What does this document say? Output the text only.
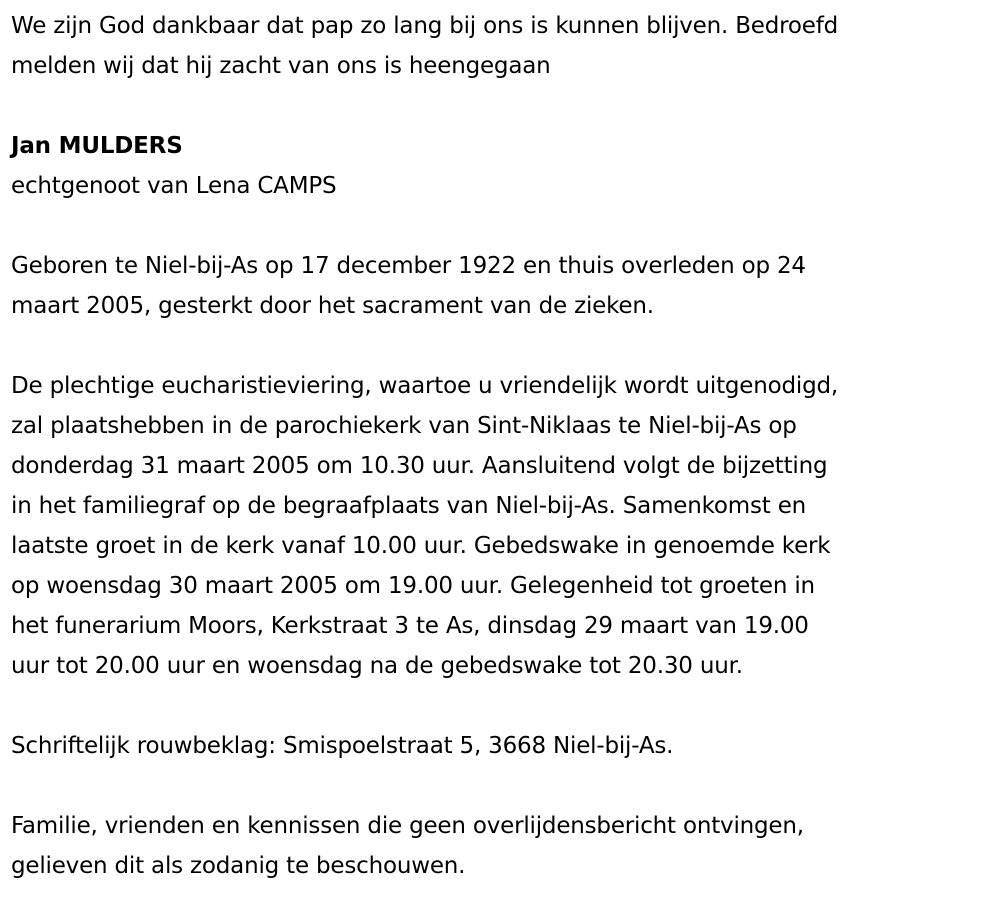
We zijn God dankbaar dat pap zo lang bij ons is kunnen blijven. Bedroefd
melden wij dat hij zacht van ons is heengegaan

Jan MULDERS
echtgenoot van Lena CAMPS

Geboren te Niel-bij-As op 17 december 1922 en thuis overleden op 24
maart 2005, gesterkt door het sacrament van de zieken.

De plechtige eucharistieviering, waartoe u vriendelijk wordt uitgenodigd,
zal plaatshebben in de parochiekerk van Sint-Niklaas te Niel-bij-As op
donderdag 31 maart 2005 om 10.30 uur. Aansluitend volgt de bijzetting
in het familiegraf op de begraafplaats van Niel-bij-As. Samenkomst en
laatste groet in de kerk vanaf 10.00 uur. Gebedswake in genoemde kerk
op woensdag 30 maart 2005 om 19.00 uur. Gelegenheid tot groeten in
het funerarium Moors, Kerkstraat 3 te As, dinsdag 29 maart van 19.00
uur tot 20.00 uur en woensdag na de gebedswake tot 20.30 uur.

Schriftelijk rouwbeklag: Smispoelstraat 5, 3668 Niel-bij-As.

Familie, vrienden en kennissen die geen overlijdensbericht ontvingen,
gelieven dit als zodanig te beschouwen.
